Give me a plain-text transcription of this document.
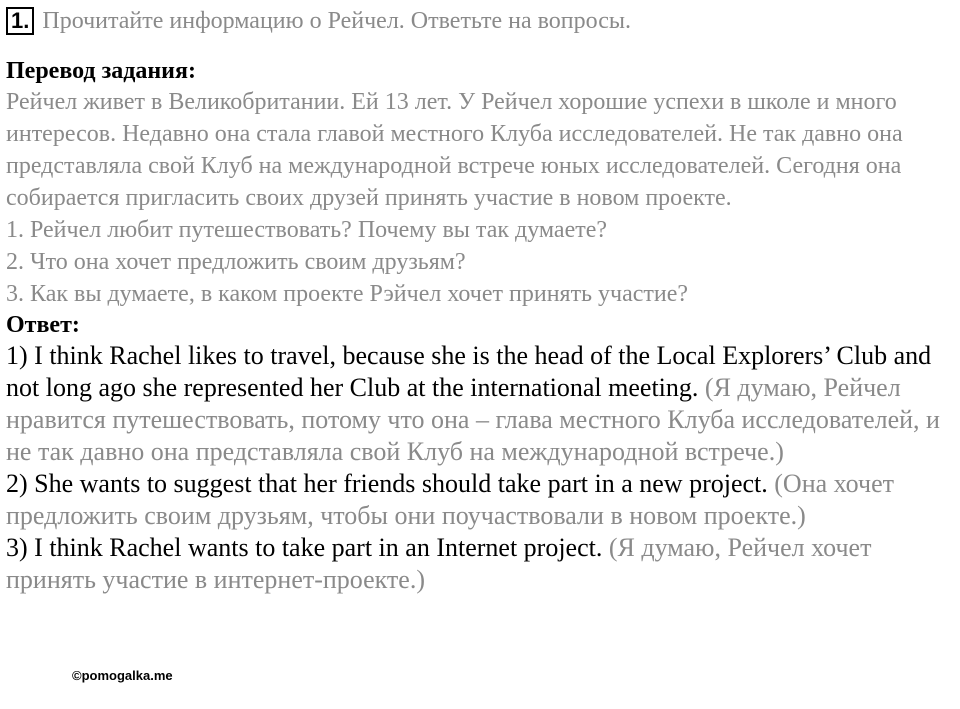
1. Прочитайте информацию о Рейчел. Ответьте на вопросы.

Перевод задания:

Рейчел живет в Великобритании. Ей 13 лет. У Рейчел хорошие успехи в школе и много интересов. Недавно она стала главой местного Клуба исследователей. Не так давно она представляла свой Клуб на международной встрече юных исследователей. Сегодня она собирается пригласить своих друзей принять участие в новом проекте.

1. Рейчел любит путешествовать? Почему вы так думаете?

2. Что она хочет предложить своим друзьям?

3. Как вы думаете, в каком проекте Рэйчел хочет принять участие?

Ответ:

1) I think Rachel likes to travel, because she is the head of the Local Explorers’ Club and not long ago she represented her Club at the international meeting. (Я думаю, Рейчел нравится путешествовать, потому что она – глава местного Клуба исследователей, и не так давно она представляла свой Клуб на международной встрече.)

2) She wants to suggest that her friends should take part in a new project. (Она хочет предложить своим друзьям, чтобы они поучаствовали в новом проекте.)

3) I think Rachel wants to take part in an Internet project. (Я думаю, Рейчел хочет принять участие в интернет-проекте.)

©pomogalka.me
